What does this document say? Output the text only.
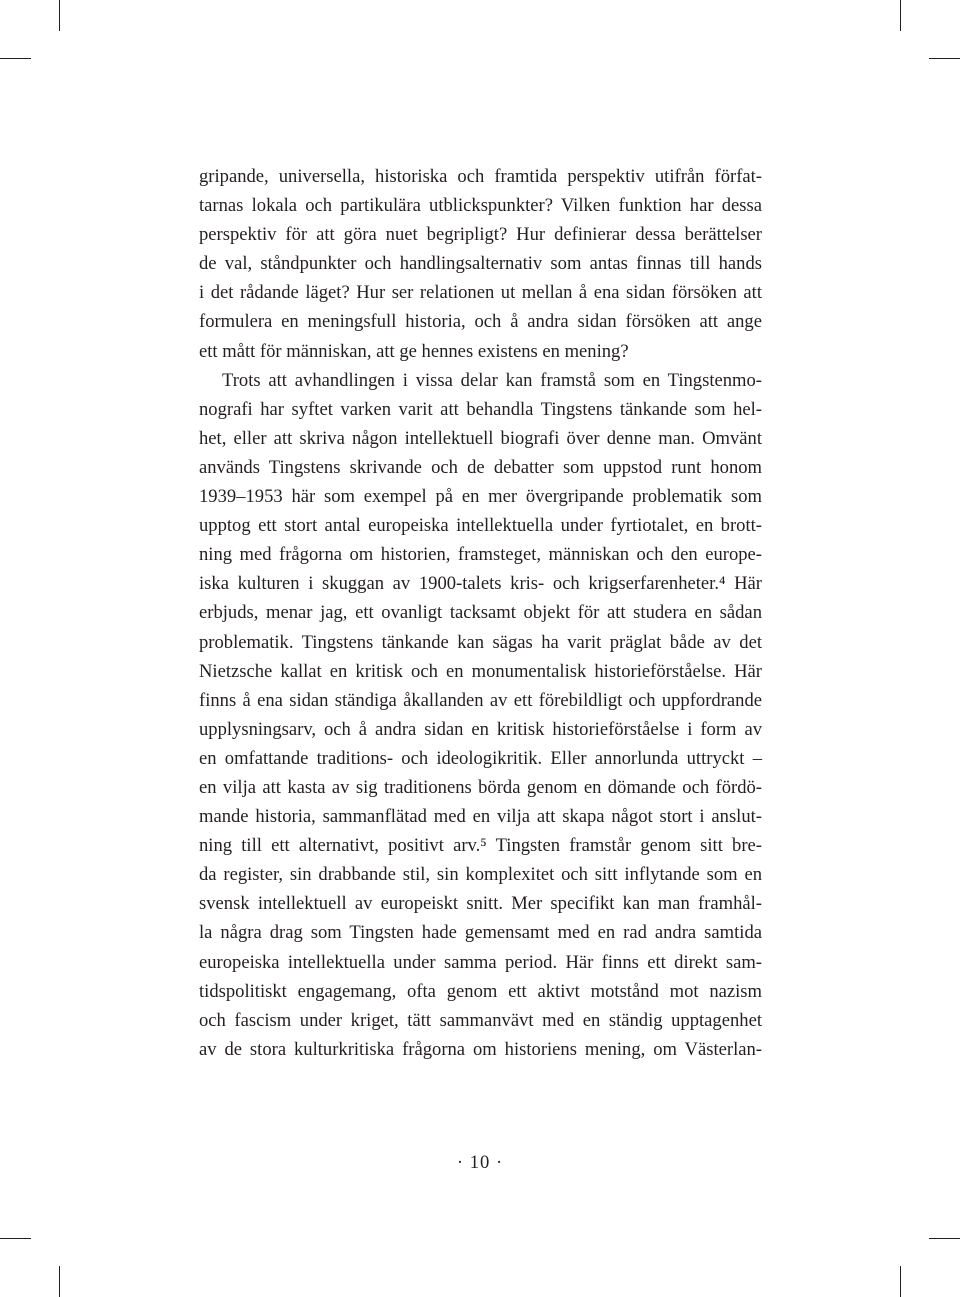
gripande, universella, historiska och framtida perspektiv utifrån förfat-
tarnas lokala och partikulära utblickspunkter? Vilken funktion har dessa
perspektiv för att göra nuet begripligt? Hur definierar dessa berättelser
de val, ståndpunkter och handlingsalternativ som antas finnas till hands
i det rådande läget? Hur ser relationen ut mellan å ena sidan försöken att
formulera en meningsfull historia, och å andra sidan försöken att ange
ett mått för människan, att ge hennes existens en mening?
Trots att avhandlingen i vissa delar kan framstå som en Tingstenmo-
nografi har syftet varken varit att behandla Tingstens tänkande som hel-
het, eller att skriva någon intellektuell biografi över denne man. Omvänt
används Tingstens skrivande och de debatter som uppstod runt honom
1939–1953 här som exempel på en mer övergripande problematik som
upptog ett stort antal europeiska intellektuella under fyrtiotalet, en brott-
ning med frågorna om historien, framsteget, människan och den europe-
iska kulturen i skuggan av 1900-talets kris- och krigserfarenheter.⁴ Här
erbjuds, menar jag, ett ovanligt tacksamt objekt för att studera en sådan
problematik. Tingstens tänkande kan sägas ha varit präglat både av det
Nietzsche kallat en kritisk och en monumentalisk historieförståelse. Här
finns å ena sidan ständiga åkallanden av ett förebildligt och uppfordrande
upplysningsarv, och å andra sidan en kritisk historieförståelse i form av
en omfattande traditions- och ideologikritik. Eller annorlunda uttryckt –
en vilja att kasta av sig traditionens börda genom en dömande och fördö-
mande historia, sammanflätad med en vilja att skapa något stort i anslut-
ning till ett alternativt, positivt arv.⁵ Tingsten framstår genom sitt bre-
da register, sin drabbande stil, sin komplexitet och sitt inflytande som en
svensk intellektuell av europeiskt snitt. Mer specifikt kan man framhål-
la några drag som Tingsten hade gemensamt med en rad andra samtida
europeiska intellektuella under samma period. Här finns ett direkt sam-
tidspolitiskt engagemang, ofta genom ett aktivt motstånd mot nazism
och fascism under kriget, tätt sammanvävt med en ständig upptagenhet
av de stora kulturkritiska frågorna om historiens mening, om Västerlan-
· 10 ·
